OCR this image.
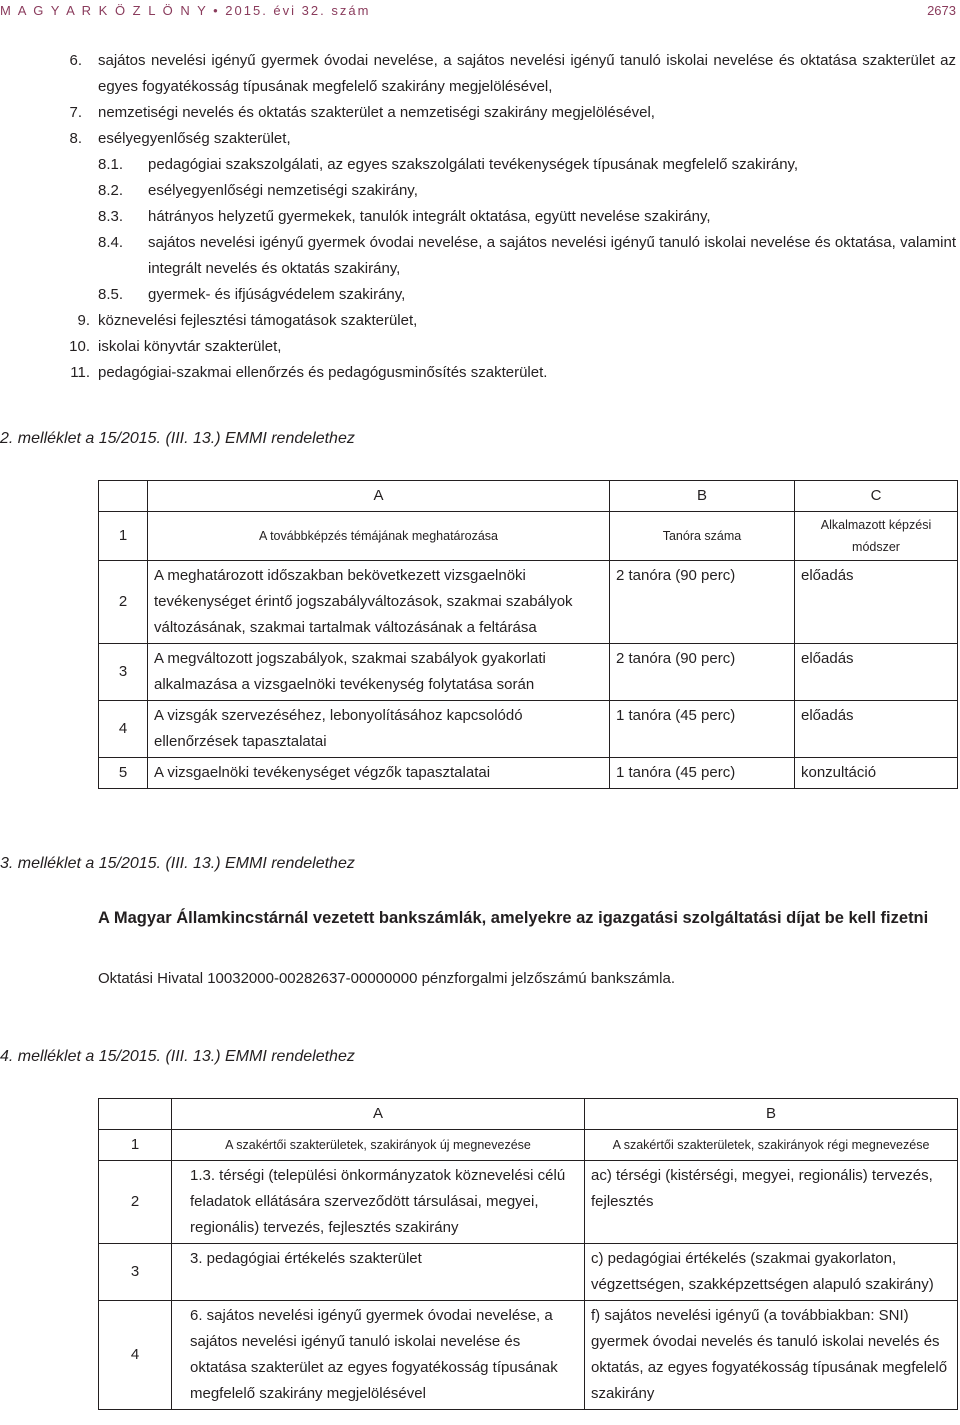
M A G Y A R K Ö Z L Ö N Y • 2015. évi 32. szám	2673
6. sajátos nevelési igényű gyermek óvodai nevelése, a sajátos nevelési igényű tanuló iskolai nevelése és oktatása szakterület az egyes fogyatékosság típusának megfelelő szakirány megjelölésével,
7. nemzetiségi nevelés és oktatás szakterület a nemzetiségi szakirány megjelölésével,
8. esélyegyenlőség szakterület,
8.1.	pedagógiai szakszolgálati, az egyes szakszolgálati tevékenységek típusának megfelelő szakirány,
8.2.	esélyegyenlőségi nemzetiségi szakirány,
8.3.	hátrányos helyzetű gyermekek, tanulók integrált oktatása, együtt nevelése szakirány,
8.4.	sajátos nevelési igényű gyermek óvodai nevelése, a sajátos nevelési igényű tanuló iskolai nevelése és oktatása, valamint integrált nevelés és oktatás szakirány,
8.5.	gyermek- és ifjúságvédelem szakirány,
9. köznevelési fejlesztési támogatások szakterület,
10. iskolai könyvtár szakterület,
11. pedagógiai-szakmai ellenőrzés és pedagógusminősítés szakterület.
2. melléklet a 15/2015. (III. 13.) EMMI rendelethez
	A	B	C
1	A továbbképzés témájának meghatározása	Tanóra száma	Alkalmazott képzési módszer
2	A meghatározott időszakban bekövetkezett vizsgaelnöki tevékenységet érintő jogszabályváltozások, szakmai szabályok változásának, szakmai tartalmak változásának a feltárása	2 tanóra (90 perc)	előadás
3	A megváltozott jogszabályok, szakmai szabályok gyakorlati alkalmazása a vizsgaelnöki tevékenység folytatása során	2 tanóra (90 perc)	előadás
4	A vizsgák szervezéséhez, lebonyolításához kapcsolódó ellenőrzések tapasztalatai	1 tanóra (45 perc)	előadás
5	A vizsgaelnöki tevékenységet végzők tapasztalatai	1 tanóra (45 perc)	konzultáció
3. melléklet a 15/2015. (III. 13.) EMMI rendelethez
A Magyar Államkincstárnál vezetett bankszámlák, amelyekre az igazgatási szolgáltatási díjat be kell fizetni
Oktatási Hivatal 10032000-00282637-00000000 pénzforgalmi jelzőszámú bankszámla.
4. melléklet a 15/2015. (III. 13.) EMMI rendelethez
	A	B
1	A szakértői szakterületek, szakirányok új megnevezése	A szakértői szakterületek, szakirányok régi megnevezése
2	1.3. térségi (települési önkormányzatok köznevelési célú feladatok ellátására szerveződött társulásai, megyei, regionális) tervezés, fejlesztés szakirány	ac) térségi (kistérségi, megyei, regionális) tervezés, fejlesztés
3	3. pedagógiai értékelés szakterület	c) pedagógiai értékelés (szakmai gyakorlaton, végzettségen, szakképzettségen alapuló szakirány)
4	6. sajátos nevelési igényű gyermek óvodai nevelése, a sajátos nevelési igényű tanuló iskolai nevelése és oktatása szakterület az egyes fogyatékosság típusának megfelelő szakirány megjelölésével	f) sajátos nevelési igényű (a továbbiakban: SNI) gyermek óvodai nevelés és tanuló iskolai nevelés és oktatás, az egyes fogyatékosság típusának megfelelő szakirány
